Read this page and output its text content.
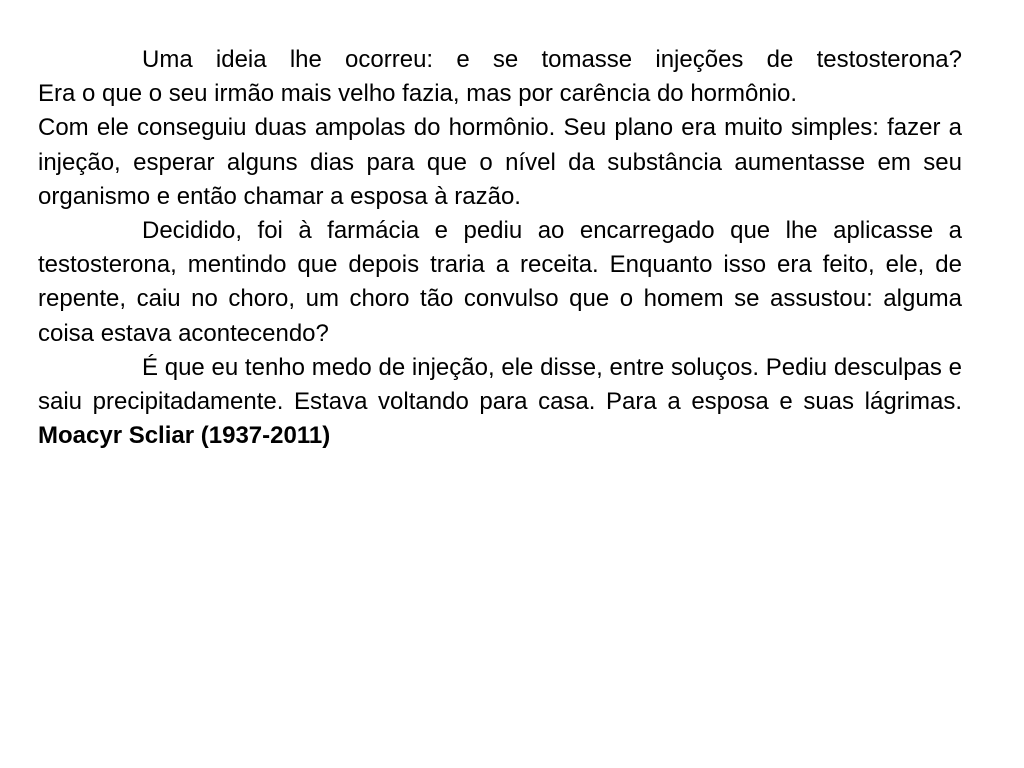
Uma ideia lhe ocorreu: e se tomasse injeções de testosterona?

Era o que o seu irmão mais velho fazia, mas por carência do hormônio.

Com ele conseguiu duas ampolas do hormônio. Seu plano era muito simples: fazer a injeção, esperar alguns dias para que o nível da substância aumentasse em seu organismo e então chamar a esposa à razão.

Decidido, foi à farmácia e pediu ao encarregado que lhe aplicasse a testosterona, mentindo que depois traria a receita. Enquanto isso era feito, ele, de repente, caiu no choro, um choro tão convulso que o homem se assustou: alguma coisa estava acontecendo?

É que eu tenho medo de injeção, ele disse, entre soluços. Pediu desculpas e saiu precipitadamente. Estava voltando para casa. Para a esposa e suas lágrimas. Moacyr Scliar (1937-2011)
